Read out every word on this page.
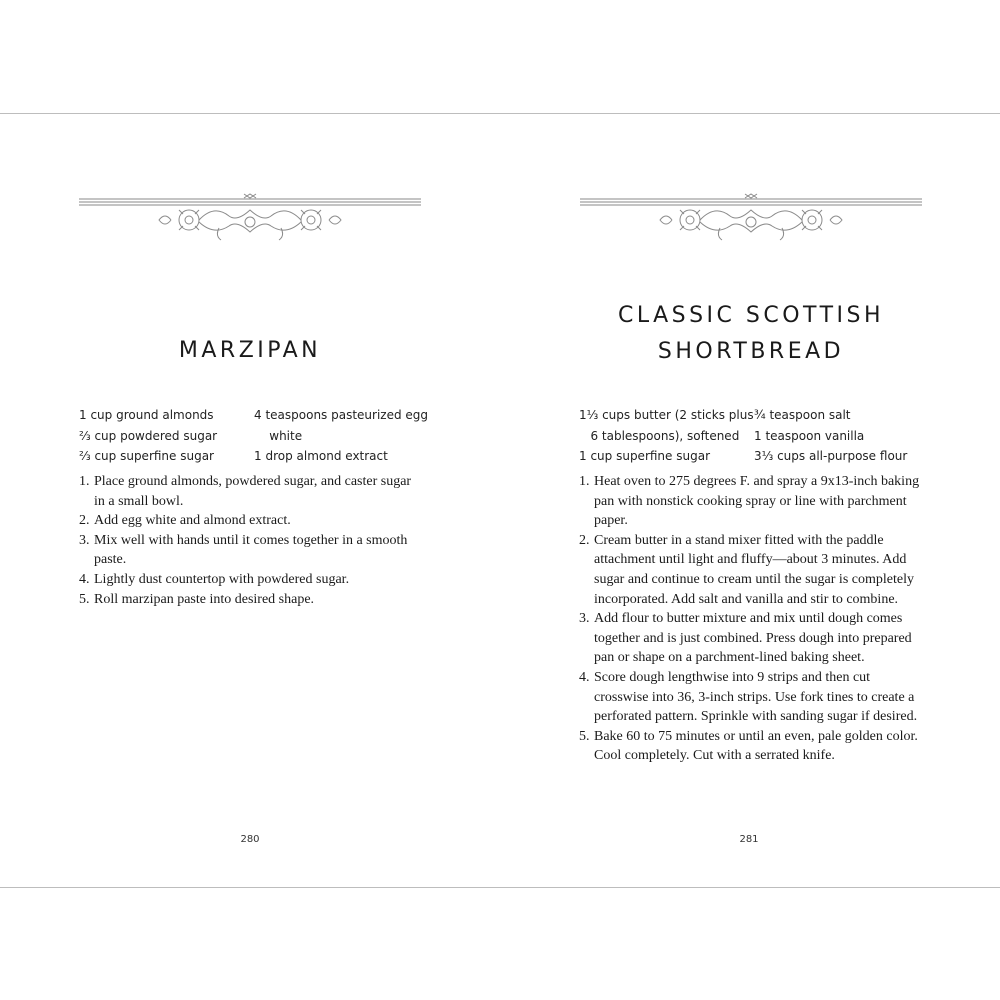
MARZIPAN
CLASSIC SCOTTISH
SHORTBREAD
1 cup ground almonds
⅔ cup powdered sugar
⅔ cup superfine sugar
4 teaspoons pasteurized egg
white
1 drop almond extract
1⅓ cups butter (2 sticks plus
6 tablespoons), softened
1 cup superfine sugar
¾ teaspoon salt
1 teaspoon vanilla
3⅓ cups all-purpose flour
1. Place ground almonds, powdered sugar, and caster sugar in a small bowl.
2. Add egg white and almond extract.
3. Mix well with hands until it comes together in a smooth paste.
4. Lightly dust countertop with powdered sugar.
5. Roll marzipan paste into desired shape.
1. Heat oven to 275 degrees F. and spray a 9x13-inch baking pan with nonstick cooking spray or line with parchment paper.
2. Cream butter in a stand mixer fitted with the paddle attachment until light and fluffy—about 3 minutes. Add sugar and continue to cream until the sugar is completely incorporated. Add salt and vanilla and stir to combine.
3. Add flour to butter mixture and mix until dough comes together and is just combined. Press dough into prepared pan or shape on a parchment-lined baking sheet.
4. Score dough lengthwise into 9 strips and then cut crosswise into 36, 3-inch strips. Use fork tines to create a perforated pattern. Sprinkle with sanding sugar if desired.
5. Bake 60 to 75 minutes or until an even, pale golden color. Cool completely. Cut with a serrated knife.
280	281
